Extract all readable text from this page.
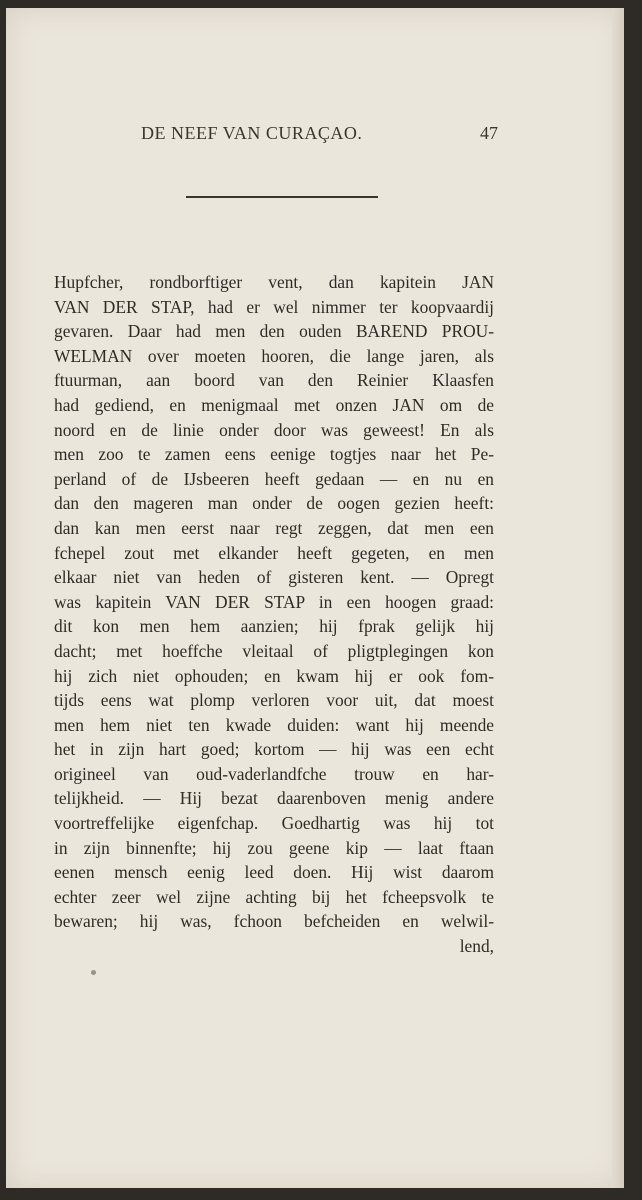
DE NEEF VAN CURAÇAO.	47
Hupfcher, rondborftiger vent, dan kapitein JAN
VAN DER STAP, had er wel nimmer ter koopvaardij
gevaren. Daar had men den ouden BAREND PROU-
WELMAN over moeten hooren, die lange jaren, als
ftuurman, aan boord van den Reinier Klaasfen
had gediend, en menigmaal met onzen JAN om de
noord en de linie onder door was geweest! En als
men zoo te zamen eens eenige togtjes naar het Pe-
perland of de IJsbeeren heeft gedaan — en nu en
dan den mageren man onder de oogen gezien heeft:
dan kan men eerst naar regt zeggen, dat men een
fchepel zout met elkander heeft gegeten, en men
elkaar niet van heden of gisteren kent. — Opregt
was kapitein VAN DER STAP in een hoogen graad:
dit kon men hem aanzien; hij fprak gelijk hij
dacht; met hoeffche vleitaal of pligtplegingen kon
hij zich niet ophouden; en kwam hij er ook fom-
tijds eens wat plomp verloren voor uit, dat moest
men hem niet ten kwade duiden: want hij meende
het in zijn hart goed; kortom — hij was een echt
origineel van oud-vaderlandfche trouw en har-
telijkheid. — Hij bezat daarenboven menig andere
voortreffelijke eigenfchap. Goedhartig was hij tot
in zijn binnenfte; hij zou geene kip — laat ftaan
eenen mensch eenig leed doen. Hij wist daarom
echter zeer wel zijne achting bij het fcheepsvolk te
bewaren; hij was, fchoon befcheiden en welwil-
lend,
